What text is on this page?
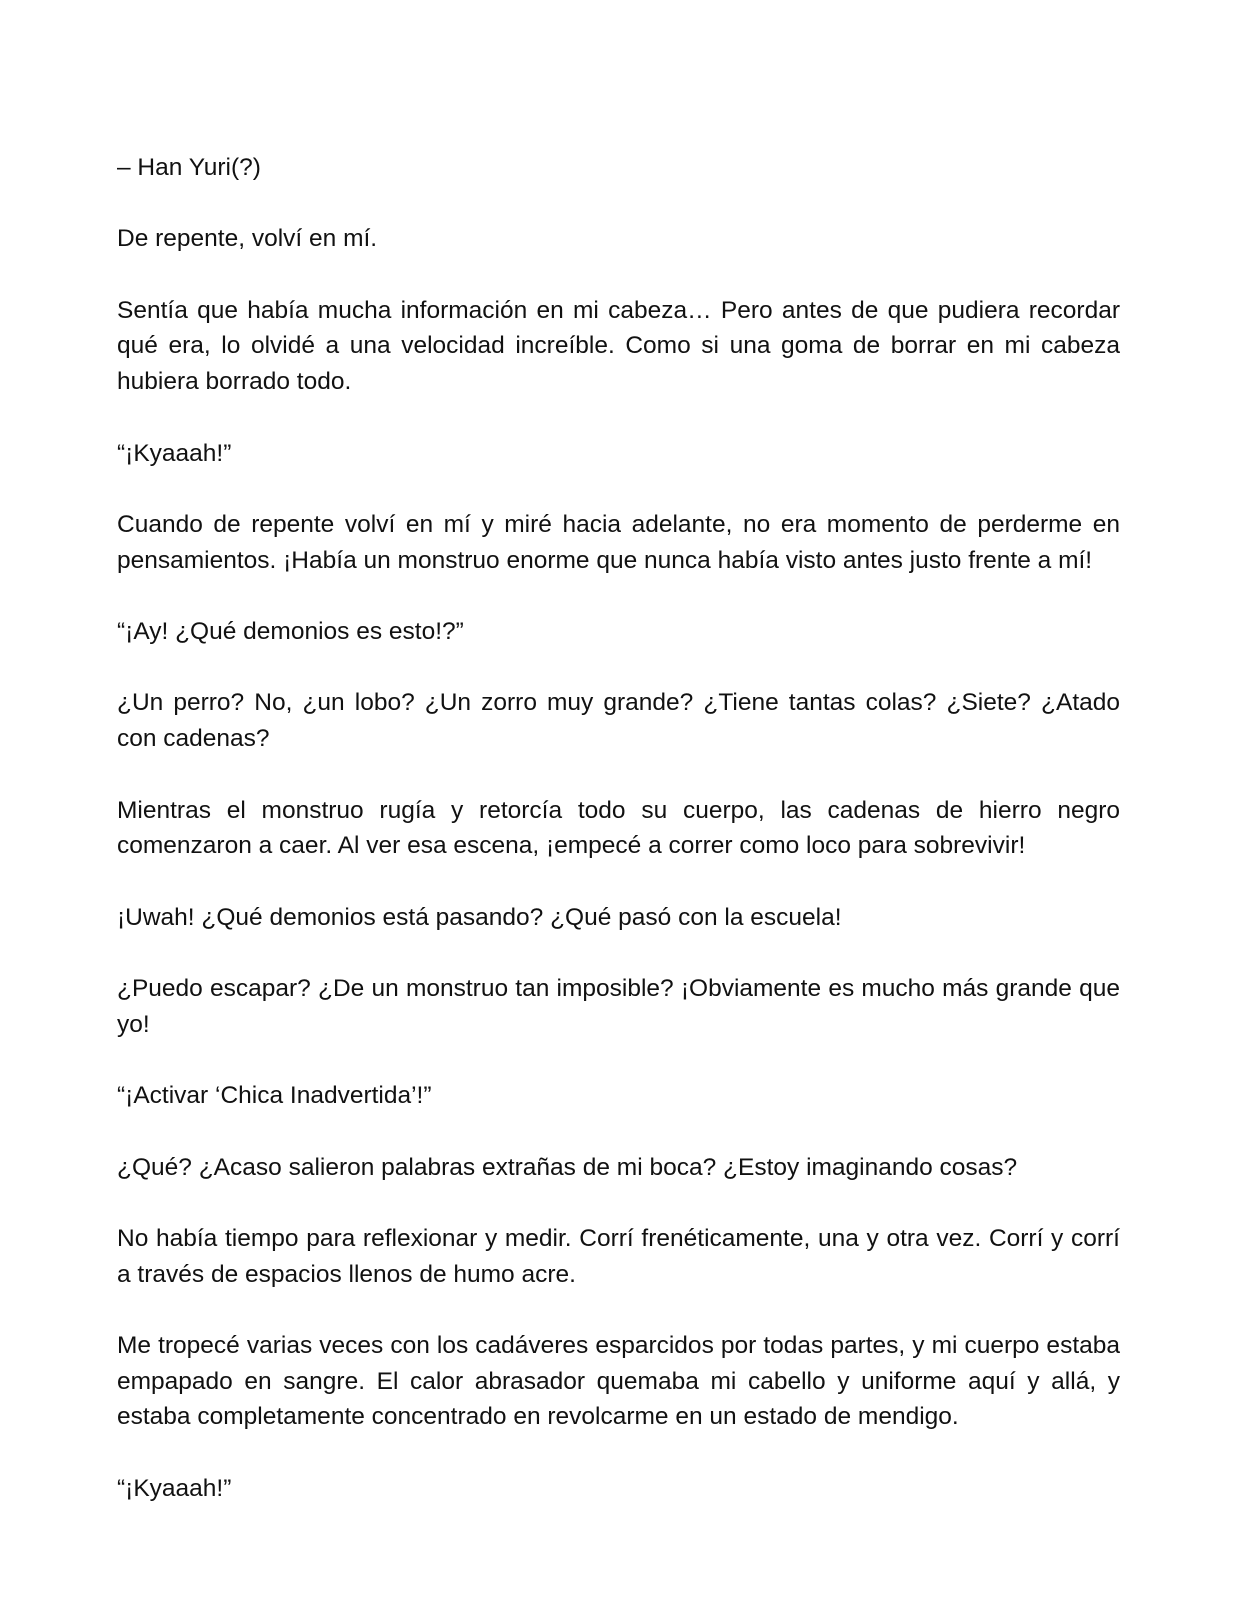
– Han Yuri(?)

De repente, volví en mí.

Sentía que había mucha información en mi cabeza… Pero antes de que pudiera recordar qué era, lo olvidé a una velocidad increíble. Como si una goma de borrar en mi cabeza hubiera borrado todo.

“¡Kyaaah!”

Cuando de repente volví en mí y miré hacia adelante, no era momento de perderme en pensamientos. ¡Había un monstruo enorme que nunca había visto antes justo frente a mí!

“¡Ay! ¿Qué demonios es esto!?”

¿Un perro? No, ¿un lobo? ¿Un zorro muy grande? ¿Tiene tantas colas? ¿Siete? ¿Atado con cadenas?

Mientras el monstruo rugía y retorcía todo su cuerpo, las cadenas de hierro negro comenzaron a caer. Al ver esa escena, ¡empecé a correr como loco para sobrevivir!

¡Uwah! ¿Qué demonios está pasando? ¿Qué pasó con la escuela!

¿Puedo escapar? ¿De un monstruo tan imposible? ¡Obviamente es mucho más grande que yo!

“¡Activar ‘Chica Inadvertida’!”

¿Qué? ¿Acaso salieron palabras extrañas de mi boca? ¿Estoy imaginando cosas?

No había tiempo para reflexionar y medir. Corrí frenéticamente, una y otra vez. Corrí y corrí a través de espacios llenos de humo acre.

Me tropecé varias veces con los cadáveres esparcidos por todas partes, y mi cuerpo estaba empapado en sangre. El calor abrasador quemaba mi cabello y uniforme aquí y allá, y estaba completamente concentrado en revolcarme en un estado de mendigo.

“¡Kyaaah!”
